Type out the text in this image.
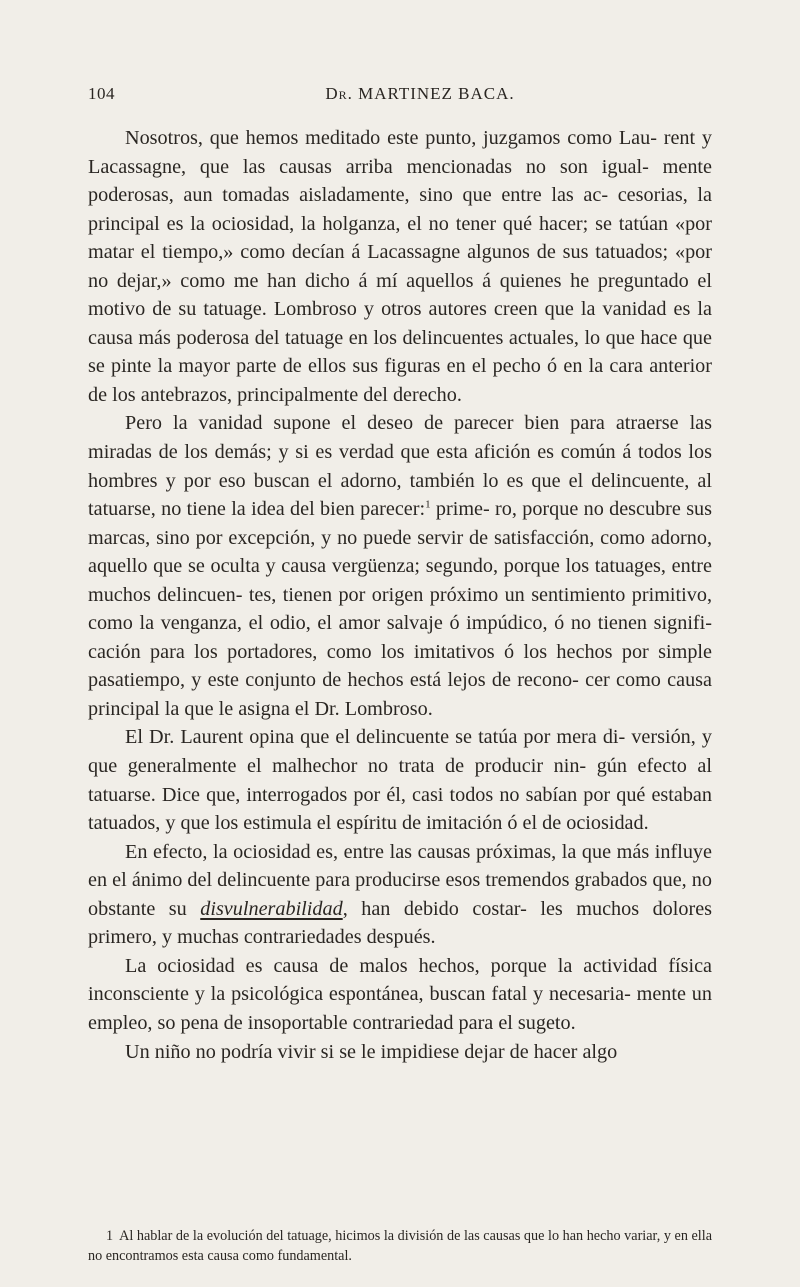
104	Dr. MARTINEZ BACA.

Nosotros, que hemos meditado este punto, juzgamos como Lau- rent y Lacassagne, que las causas arriba mencionadas no son igual- mente poderosas, aun tomadas aisladamente, sino que entre las ac- cesorias, la principal es la ociosidad, la holganza, el no tener qué hacer; se tatúan «por matar el tiempo,» como decían á Lacassagne algunos de sus tatuados; «por no dejar,» como me han dicho á mí aquellos á quienes he preguntado el motivo de su tatuage. Lombroso y otros autores creen que la vanidad es la causa más poderosa del tatuage en los delincuentes actuales, lo que hace que se pinte la mayor parte de ellos sus figuras en el pecho ó en la cara anterior de los antebrazos, principalmente del derecho.

Pero la vanidad supone el deseo de parecer bien para atraerse las miradas de los demás; y si es verdad que esta afición es común á todos los hombres y por eso buscan el adorno, también lo es que el delincuente, al tatuarse, no tiene la idea del bien parecer:$^1$ prime- ro, porque no descubre sus marcas, sino por excepción, y no puede servir de satisfacción, como adorno, aquello que se oculta y causa vergüenza; segundo, porque los tatuages, entre muchos delincuen- tes, tienen por origen próximo un sentimiento primitivo, como la venganza, el odio, el amor salvaje ó impúdico, ó no tienen signifi- cación para los portadores, como los imitativos ó los hechos por simple pasatiempo, y este conjunto de hechos está lejos de recono- cer como causa principal la que le asigna el Dr. Lombroso.

El Dr. Laurent opina que el delincuente se tatúa por mera di- versión, y que generalmente el malhechor no trata de producir nin- gún efecto al tatuarse. Dice que, interrogados por él, casi todos no sabían por qué estaban tatuados, y que los estimula el espíritu de imitación ó el de ociosidad.

En efecto, la ociosidad es, entre las causas próximas, la que más influye en el ánimo del delincuente para producirse esos tremendos grabados que, no obstante su disvulnerabilidad, han debido costar- les muchos dolores primero, y muchas contrariedades después.

La ociosidad es causa de malos hechos, porque la actividad física inconsciente y la psicológica espontánea, buscan fatal y necesaria- mente un empleo, so pena de insoportable contrariedad para el sugeto.

Un niño no podría vivir si se le impidiese dejar de hacer algo

1 Al hablar de la evolución del tatuage, hicimos la división de las causas que lo han hecho variar, y en ella no encontramos esta causa como fundamental.
